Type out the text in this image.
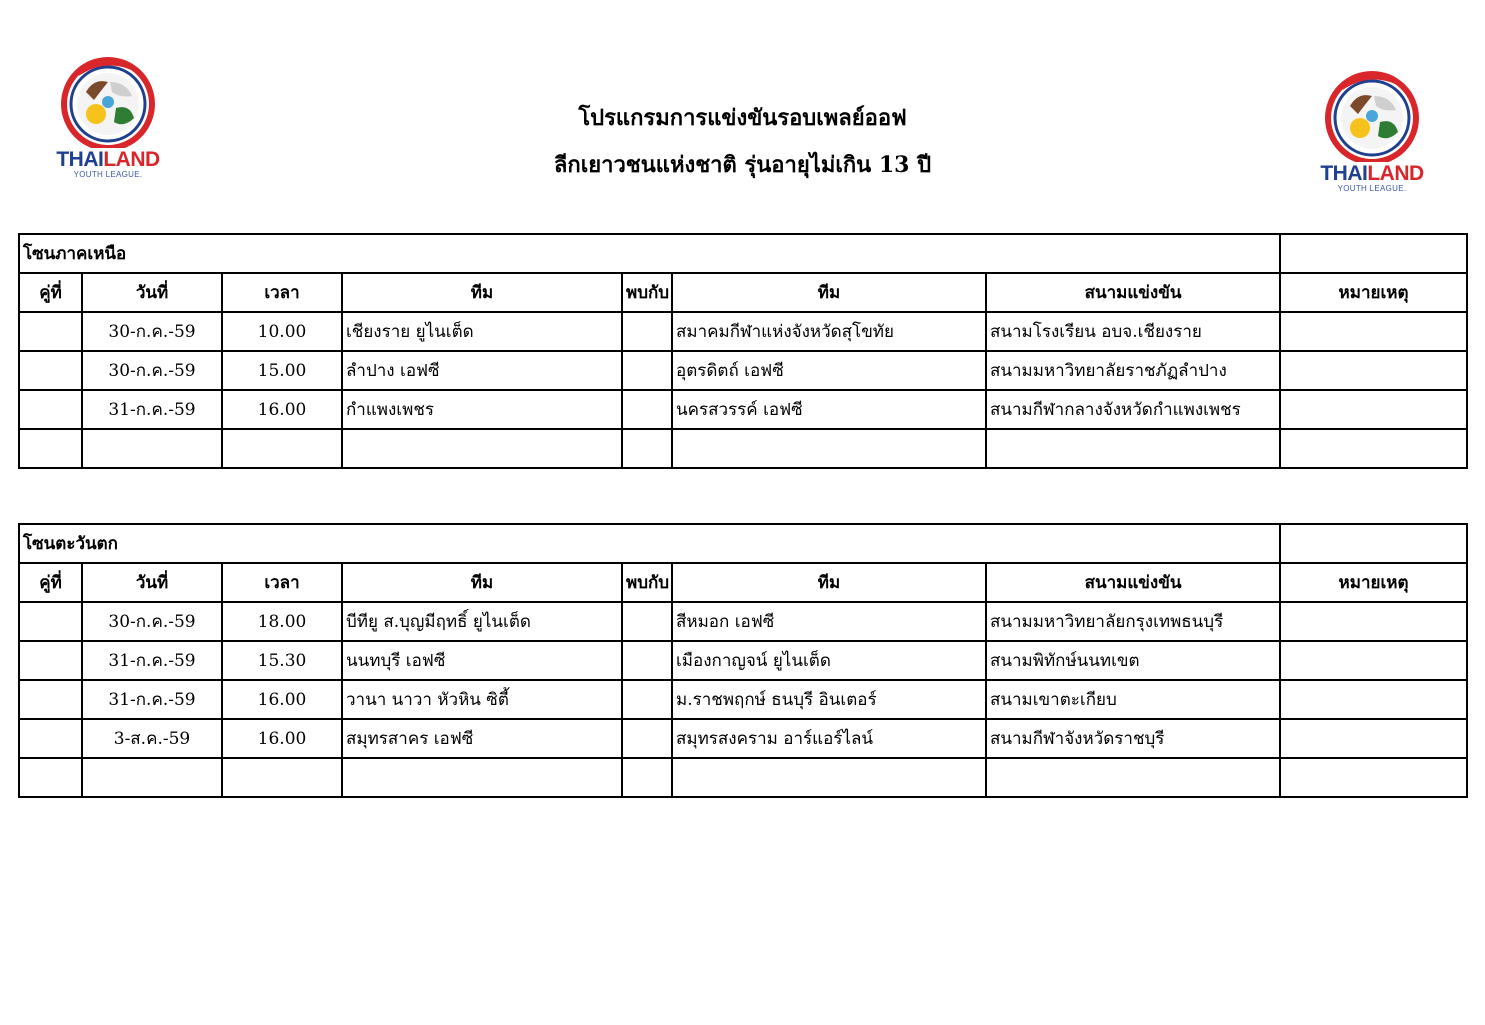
THAILAND
YOUTH LEAGUE.	THAILAND
YOUTH LEAGUE.
โปรแกรมการแข่งขันรอบเพลย์ออฟ
ลีกเยาวชนแห่งชาติ รุ่นอายุไม่เกิน 13 ปี
โซนภาคเหนือ							
คู่ที่	วันที่	เวลา	ทีม	พบกับ	ทีม	สนามแข่งขัน	หมายเหตุ
	30-ก.ค.-59	10.00	เชียงราย ยูไนเต็ด		สมาคมกีฬาแห่งจังหวัดสุโขทัย	สนามโรงเรียน อบจ.เชียงราย	
	30-ก.ค.-59	15.00	ลำปาง เอฟซี		อุตรดิตถ์ เอฟซี	สนามมหาวิทยาลัยราชภัฏลำปาง	
	31-ก.ค.-59	16.00	กำแพงเพชร		นครสวรรค์ เอฟซี	สนามกีฬากลางจังหวัดกำแพงเพชร	

โซนตะวันตก							
คู่ที่	วันที่	เวลา	ทีม	พบกับ	ทีม	สนามแข่งขัน	หมายเหตุ
	30-ก.ค.-59	18.00	บีทียู ส.บุญมีฤทธิ์ ยูไนเต็ด		สีหมอก เอฟซี	สนามมหาวิทยาลัยกรุงเทพธนบุรี	
	31-ก.ค.-59	15.30	นนทบุรี เอฟซี		เมืองกาญจน์ ยูไนเต็ด	สนามพิทักษ์นนทเขต	
	31-ก.ค.-59	16.00	วานา นาวา หัวหิน ซิตี้		ม.ราชพฤกษ์ ธนบุรี อินเตอร์	สนามเขาตะเกียบ	
	3-ส.ค.-59	16.00	สมุทรสาคร เอฟซี		สมุทรสงคราม อาร์แอร์ไลน์	สนามกีฬาจังหวัดราชบุรี	
